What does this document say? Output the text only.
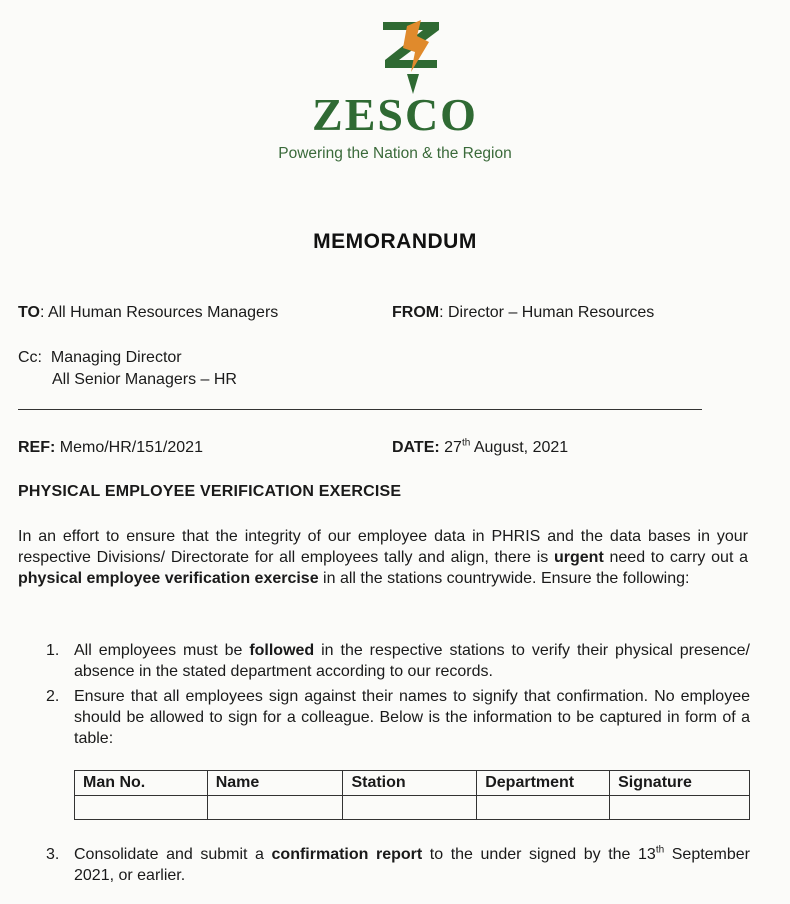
ZESCO
Powering the Nation & the Region
MEMORANDUM
TO: All Human Resources Managers	FROM: Director – Human Resources
Cc: Managing Director
All Senior Managers – HR
REF: Memo/HR/151/2021	DATE: 27th August, 2021
PHYSICAL EMPLOYEE VERIFICATION EXERCISE
In an effort to ensure that the integrity of our employee data in PHRIS and the data bases in your respective Divisions/ Directorate for all employees tally and align, there is urgent need to carry out a physical employee verification exercise in all the stations countrywide. Ensure the following:
1. All employees must be followed in the respective stations to verify their physical presence/ absence in the stated department according to our records.
2. Ensure that all employees sign against their names to signify that confirmation. No employee should be allowed to sign for a colleague. Below is the information to be captured in form of a table:
Man No.	Name	Station	Department	Signature

3. Consolidate and submit a confirmation report to the under signed by the 13th September 2021, or earlier.
